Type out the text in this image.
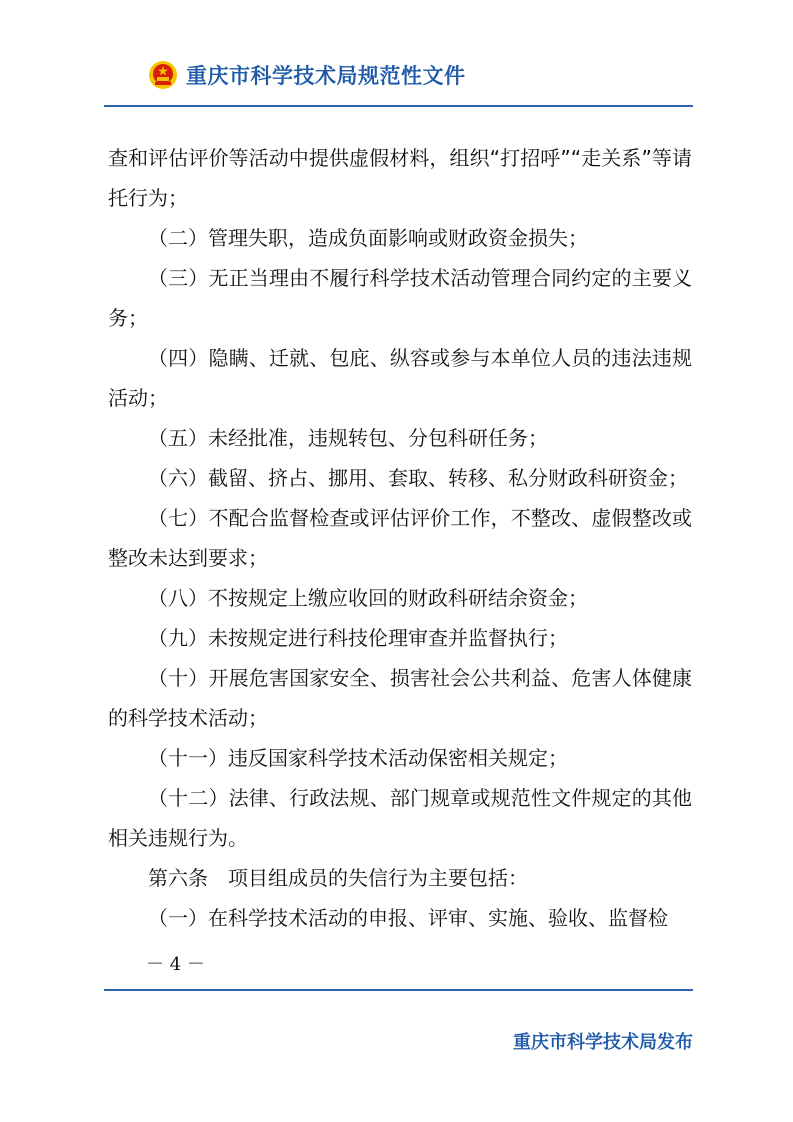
重庆市科学技术局规范性文件

查和评估评价等活动中提供虚假材料，组织“打招呼”“走关系”等请托行为；

（二）管理失职，造成负面影响或财政资金损失；

（三）无正当理由不履行科学技术活动管理合同约定的主要义务；

（四）隐瞒、迁就、包庇、纵容或参与本单位人员的违法违规活动；

（五）未经批准，违规转包、分包科研任务；

（六）截留、挤占、挪用、套取、转移、私分财政科研资金；

（七）不配合监督检查或评估评价工作，不整改、虚假整改或整改未达到要求；

（八）不按规定上缴应收回的财政科研结余资金；

（九）未按规定进行科技伦理审查并监督执行；

（十）开展危害国家安全、损害社会公共利益、危害人体健康的科学技术活动；

（十一）违反国家科学技术活动保密相关规定；

（十二）法律、行政法规、部门规章或规范性文件规定的其他相关违规行为。

第六条　项目组成员的失信行为主要包括：

（一）在科学技术活动的申报、评审、实施、验收、监督检

－ 4 －
重庆市科学技术局发布
